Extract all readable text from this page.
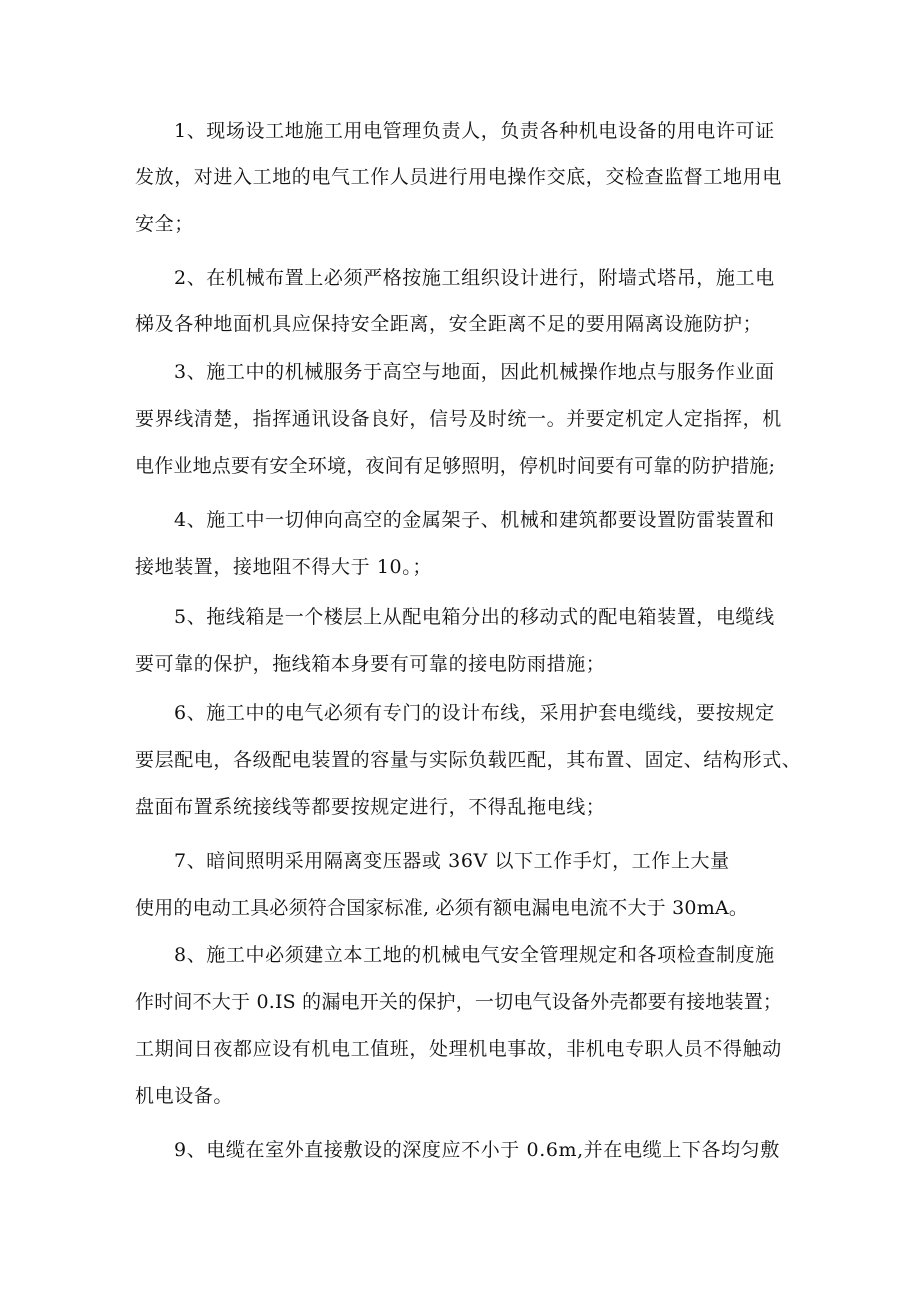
1、现场设工地施工用电管理负责人，负责各种机电设备的用电许可证
发放，对进入工地的电气工作人员进行用电操作交底，交检查监督工地用电
安全；
2、在机械布置上必须严格按施工组织设计进行，附墙式塔吊，施工电
梯及各种地面机具应保持安全距离，安全距离不足的要用隔离设施防护；
3、施工中的机械服务于高空与地面，因此机械操作地点与服务作业面
要界线清楚，指挥通讯设备良好，信号及时统一。并要定机定人定指挥，机
电作业地点要有安全环境，夜间有足够照明，停机时间要有可靠的防护措施;
4、施工中一切伸向高空的金属架子、机械和建筑都要设置防雷装置和
接地装置，接地阻不得大于 10。；
5、拖线箱是一个楼层上从配电箱分出的移动式的配电箱装置，电缆线
要可靠的保护，拖线箱本身要有可靠的接电防雨措施；
6、施工中的电气必须有专门的设计布线，采用护套电缆线，要按规定
要层配电，各级配电装置的容量与实际负载匹配，其布置、固定、结构形式、
盘面布置系统接线等都要按规定进行，不得乱拖电线；
7、暗间照明采用隔离变压器或 36V 以下工作手灯，工作上大量
使用的电动工具必须符合国家标准, 必须有额电漏电电流不大于 30mA。
8、施工中必须建立本工地的机械电气安全管理规定和各项检查制度施
作时间不大于 0.IS 的漏电开关的保护，一切电气设备外壳都要有接地装置；
工期间日夜都应设有机电工值班，处理机电事故，非机电专职人员不得触动
机电设备。
9、电缆在室外直接敷设的深度应不小于 0.6m,并在电缆上下各均匀敷
